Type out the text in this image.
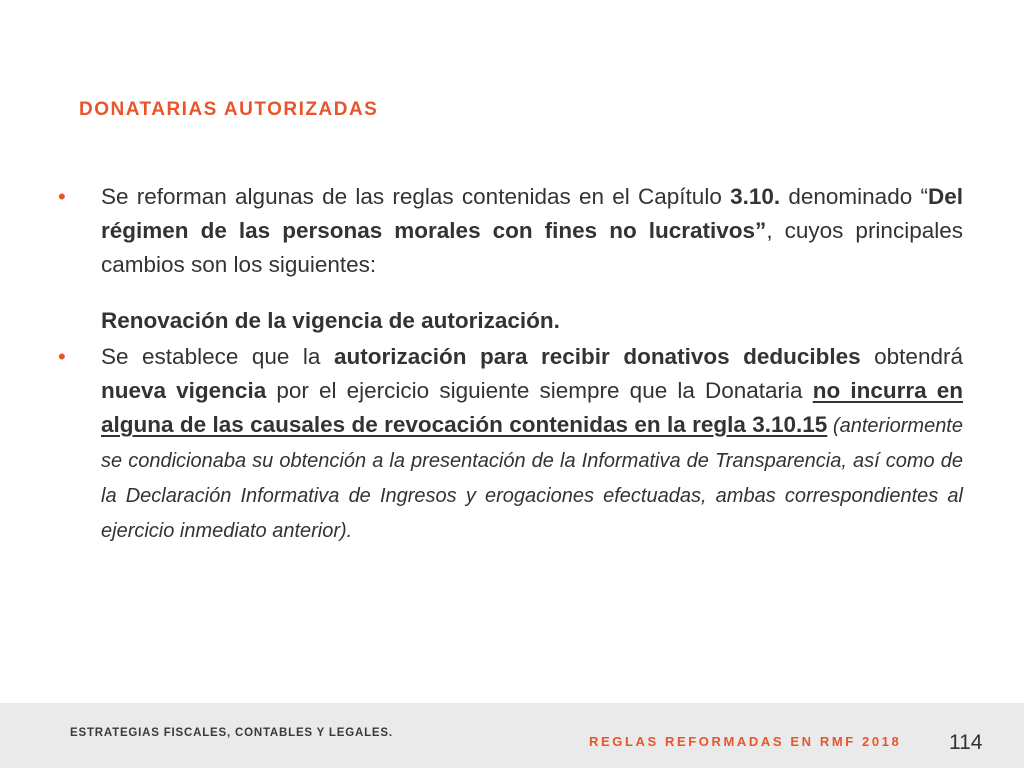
DONATARIAS AUTORIZADAS

• Se reforman algunas de las reglas contenidas en el Capítulo 3.10. denominado “Del régimen de las personas morales con fines no lucrativos”, cuyos principales cambios son los siguientes:

Renovación de la vigencia de autorización.

• Se establece que la autorización para recibir donativos deducibles obtendrá nueva vigencia por el ejercicio siguiente siempre que la Donataria no incurra en alguna de las causales de revocación contenidas en la regla 3.10.15 (anteriormente se condicionaba su obtención a la presentación de la Informativa de Transparencia, así como de la Declaración Informativa de Ingresos y erogaciones efectuadas, ambas correspondientes al ejercicio inmediato anterior).

ESTRATEGIAS FISCALES, CONTABLES Y LEGALES.
REGLAS REFORMADAS EN RMF 2018 114
